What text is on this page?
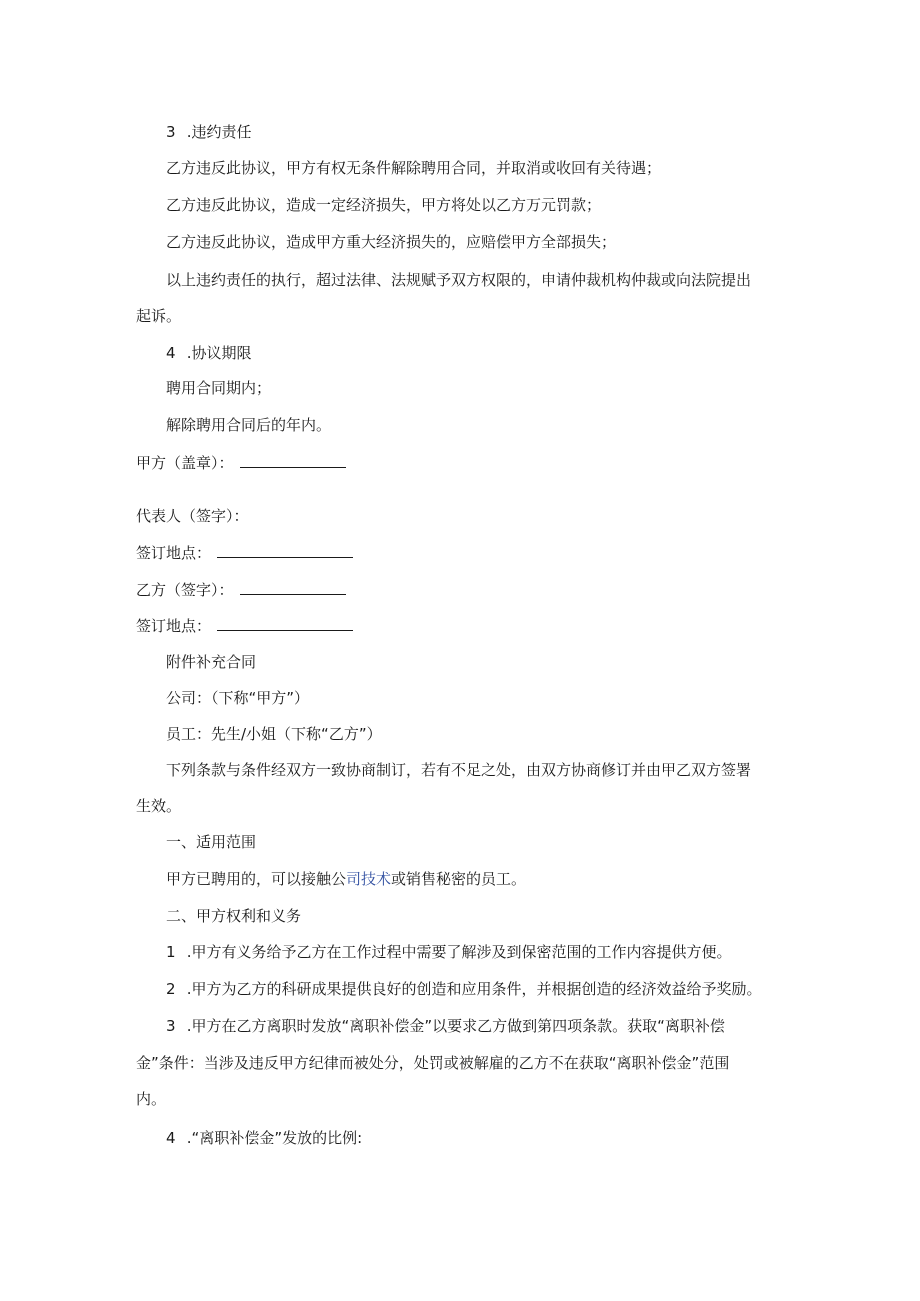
3 .违约责任
乙方违反此协议，甲方有权无条件解除聘用合同，并取消或收回有关待遇；
乙方违反此协议，造成一定经济损失，甲方将处以乙方万元罚款；
乙方违反此协议，造成甲方重大经济损失的，应赔偿甲方全部损失；
以上违约责任的执行，超过法律、法规赋予双方权限的，申请仲裁机构仲裁或向法院提出
起诉。
4 .协议期限
聘用合同期内；
解除聘用合同后的年内。
甲方（盖章）：
代表人（签字）：
签订地点：
乙方（签字）：
签订地点：
附件补充合同
公司：（下称“甲方”）
员工：先生/小姐（下称“乙方”）
下列条款与条件经双方一致协商制订，若有不足之处，由双方协商修订并由甲乙双方签署
生效。
一、适用范围
甲方已聘用的，可以接触公司技术或销售秘密的员工。
二、甲方权利和义务
1 .甲方有义务给予乙方在工作过程中需要了解涉及到保密范围的工作内容提供方便。
2 .甲方为乙方的科研成果提供良好的创造和应用条件，并根据创造的经济效益给予奖励。
3 .甲方在乙方离职时发放“离职补偿金”以要求乙方做到第四项条款。获取“离职补偿
金”条件：当涉及违反甲方纪律而被处分，处罚或被解雇的乙方不在获取“离职补偿金”范围
内。
4 .“离职补偿金”发放的比例:
